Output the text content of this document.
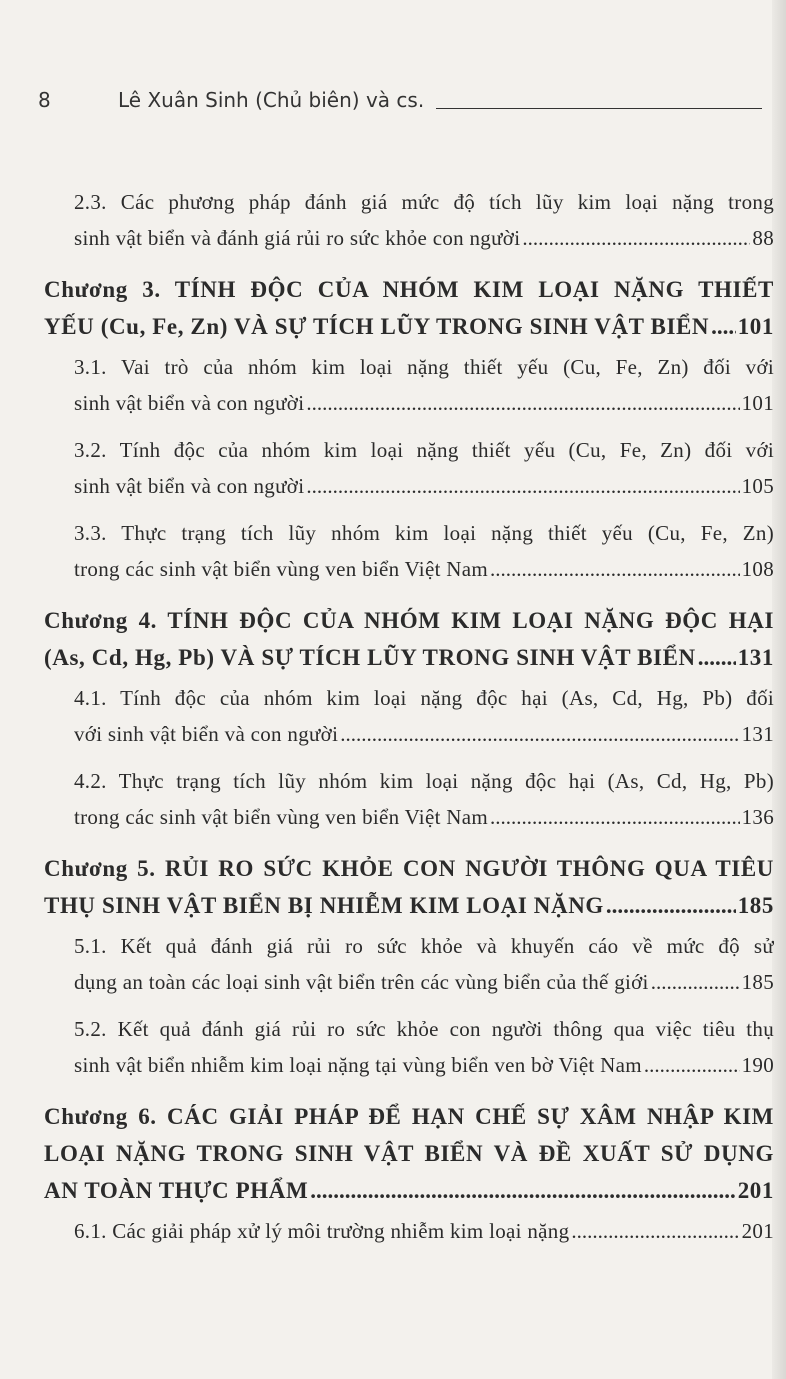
8	Lê Xuân Sinh (Chủ biên) và cs.
2.3. Các phương pháp đánh giá mức độ tích lũy kim loại nặng trong
sinh vật biển và đánh giá rủi ro sức khỏe con người .....	88
Chương 3. TÍNH ĐỘC CỦA NHÓM KIM LOẠI NẶNG THIẾT
YẾU (Cu, Fe, Zn) VÀ SỰ TÍCH LŨY TRONG SINH VẬT BIỂN ..... 101
3.1. Vai trò của nhóm kim loại nặng thiết yếu (Cu, Fe, Zn) đối với
sinh vật biển và con người .....	101
3.2. Tính độc của nhóm kim loại nặng thiết yếu (Cu, Fe, Zn) đối với
sinh vật biển và con người .....	105
3.3. Thực trạng tích lũy nhóm kim loại nặng thiết yếu (Cu, Fe, Zn)
trong các sinh vật biển vùng ven biển Việt Nam .....	108
Chương 4. TÍNH ĐỘC CỦA NHÓM KIM LOẠI NẶNG ĐỘC HẠI
(As, Cd, Hg, Pb) VÀ SỰ TÍCH LŨY TRONG SINH VẬT BIỂN ..... 131
4.1. Tính độc của nhóm kim loại nặng độc hại (As, Cd, Hg, Pb) đối
với sinh vật biển và con người .....	131
4.2. Thực trạng tích lũy nhóm kim loại nặng độc hại (As, Cd, Hg, Pb)
trong các sinh vật biển vùng ven biển Việt Nam .....	136
Chương 5. RỦI RO SỨC KHỎE CON NGƯỜI THÔNG QUA TIÊU
THỤ SINH VẬT BIỂN BỊ NHIỄM KIM LOẠI NẶNG .....	185
5.1. Kết quả đánh giá rủi ro sức khỏe và khuyến cáo về mức độ sử
dụng an toàn các loại sinh vật biển trên các vùng biển của thế giới .....	185
5.2. Kết quả đánh giá rủi ro sức khỏe con người thông qua việc tiêu thụ
sinh vật biển nhiễm kim loại nặng tại vùng biển ven bờ Việt Nam .....	190
Chương 6. CÁC GIẢI PHÁP ĐỂ HẠN CHẾ SỰ XÂM NHẬP KIM
LOẠI NẶNG TRONG SINH VẬT BIỂN VÀ ĐỀ XUẤT SỬ DỤNG
AN TOÀN THỰC PHẨM .....	201
6.1. Các giải pháp xử lý môi trường nhiễm kim loại nặng .....	201
